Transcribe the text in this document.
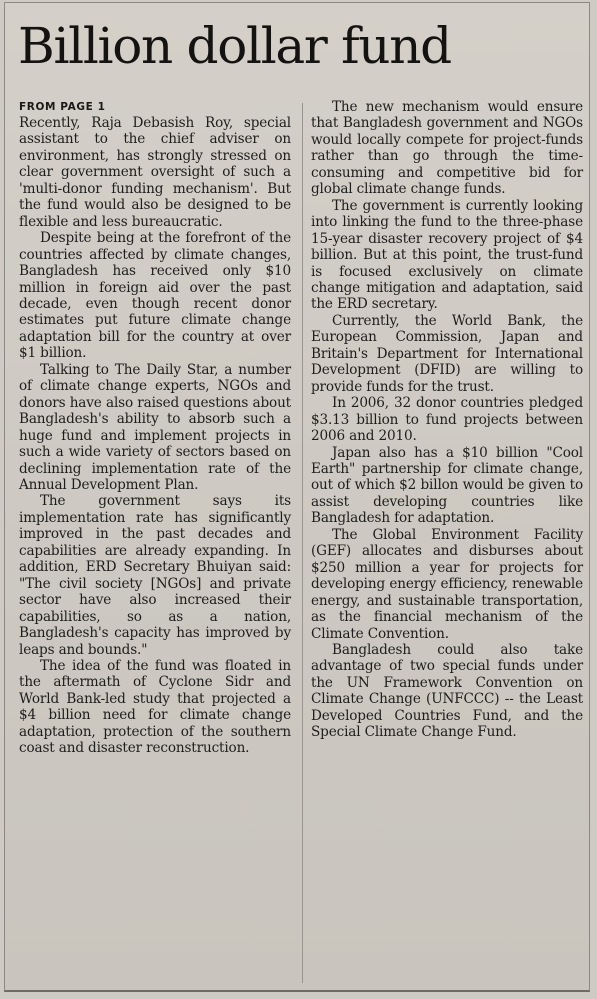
Billion dollar fund
FROM PAGE 1

Recently, Raja Debasish Roy, special assistant to the chief adviser on environment, has strongly stressed on clear government oversight of such a 'multi-donor funding mechanism'. But the fund would also be designed to be flexible and less bureaucratic.

Despite being at the forefront of the countries affected by climate changes, Bangladesh has received only $10 million in foreign aid over the past decade, even though recent donor estimates put future climate change adaptation bill for the country at over $1 billion.

Talking to The Daily Star, a number of climate change experts, NGOs and donors have also raised questions about Bangladesh's ability to absorb such a huge fund and implement projects in such a wide variety of sectors based on declining implementation rate of the Annual Development Plan.

The government says its implementation rate has significantly improved in the past decades and capabilities are already expanding. In addition, ERD Secretary Bhuiyan said: "The civil society [NGOs] and private sector have also increased their capabilities, so as a nation, Bangladesh's capacity has improved by leaps and bounds."

The idea of the fund was floated in the aftermath of Cyclone Sidr and World Bank-led study that projected a $4 billion need for climate change adaptation, protection of the southern coast and disaster reconstruction.

The new mechanism would ensure that Bangladesh government and NGOs would locally compete for project-funds rather than go through the time-consuming and competitive bid for global climate change funds.

The government is currently looking into linking the fund to the three-phase 15-year disaster recovery project of $4 billion. But at this point, the trust-fund is focused exclusively on climate change mitigation and adaptation, said the ERD secretary.

Currently, the World Bank, the European Commission, Japan and Britain's Department for International Development (DFID) are willing to provide funds for the trust.

In 2006, 32 donor countries pledged $3.13 billion to fund projects between 2006 and 2010.

Japan also has a $10 billion "Cool Earth" partnership for climate change, out of which $2 billon would be given to assist developing countries like Bangladesh for adaptation.

The Global Environment Facility (GEF) allocates and disburses about $250 million a year for projects for developing energy efficiency, renewable energy, and sustainable transportation, as the financial mechanism of the Climate Convention.

Bangladesh could also take advantage of two special funds under the UN Framework Convention on Climate Change (UNFCCC) -- the Least Developed Countries Fund, and the Special Climate Change Fund.
